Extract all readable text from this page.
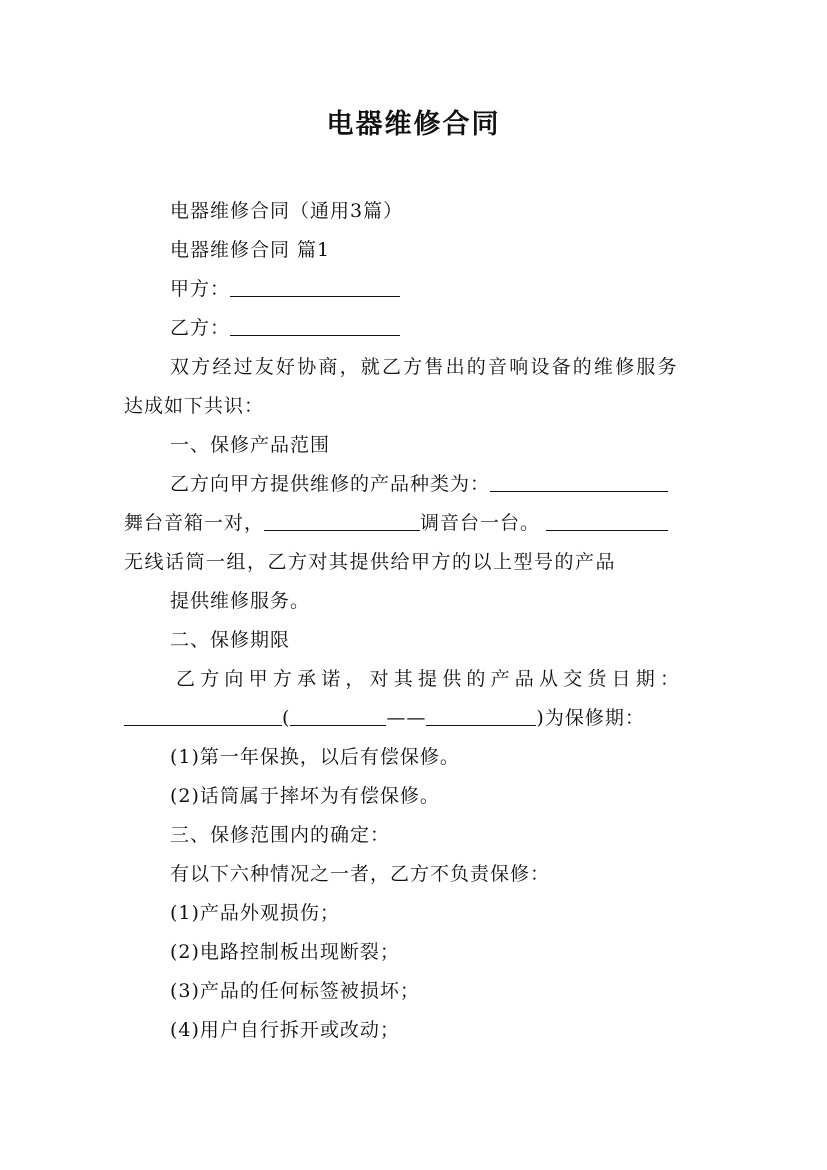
电器维修合同
电器维修合同（通用3篇）
电器维修合同 篇1
甲方：
乙方：
双方经过友好协商，就乙方售出的音响设备的维修服务
达成如下共识：
一、保修产品范围
乙方向甲方提供维修的产品种类为：
舞台音箱一对，	调音台一台。
无线话筒一组，乙方对其提供给甲方的以上型号的产品
提供维修服务。
二、保修期限
乙方向甲方承诺，对其提供的产品从交货日期：
(	——	)为保修期：
(1)第一年保换，以后有偿保修。
(2)话筒属于摔坏为有偿保修。
三、保修范围内的确定：
有以下六种情况之一者，乙方不负责保修：
(1)产品外观损伤；
(2)电路控制板出现断裂；
(3)产品的任何标签被损坏；
(4)用户自行拆开或改动；
